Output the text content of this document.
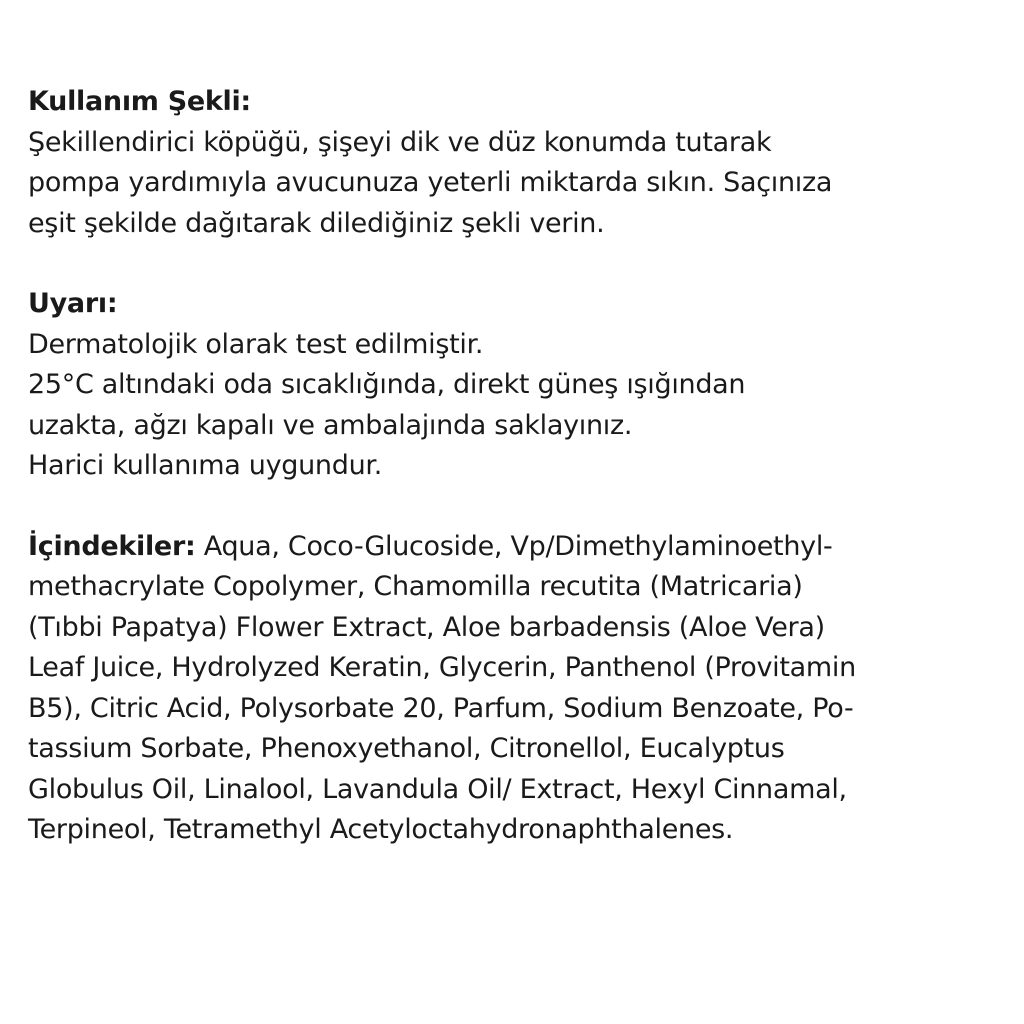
Kullanım Şekli:
Şekillendirici köpüğü, şişeyi dik ve düz konumda tutarak
pompa yardımıyla avucunuza yeterli miktarda sıkın. Saçınıza
eşit şekilde dağıtarak dilediğiniz şekli verin.
Uyarı:
Dermatolojik olarak test edilmiştir.
25°C altındaki oda sıcaklığında, direkt güneş ışığından
uzakta, ağzı kapalı ve ambalajında saklayınız.
Harici kullanıma uygundur.
İçindekiler: Aqua, Coco-Glucoside, Vp/Dimethylaminoethyl-
methacrylate Copolymer, Chamomilla recutita (Matricaria)
(Tıbbi Papatya) Flower Extract, Aloe barbadensis (Aloe Vera)
Leaf Juice, Hydrolyzed Keratin, Glycerin, Panthenol (Provitamin
B5), Citric Acid, Polysorbate 20, Parfum, Sodium Benzoate, Po-
tassium Sorbate, Phenoxyethanol, Citronellol, Eucalyptus
Globulus Oil, Linalool, Lavandula Oil/ Extract, Hexyl Cinnamal,
Terpineol, Tetramethyl Acetyloctahydronaphthalenes.
